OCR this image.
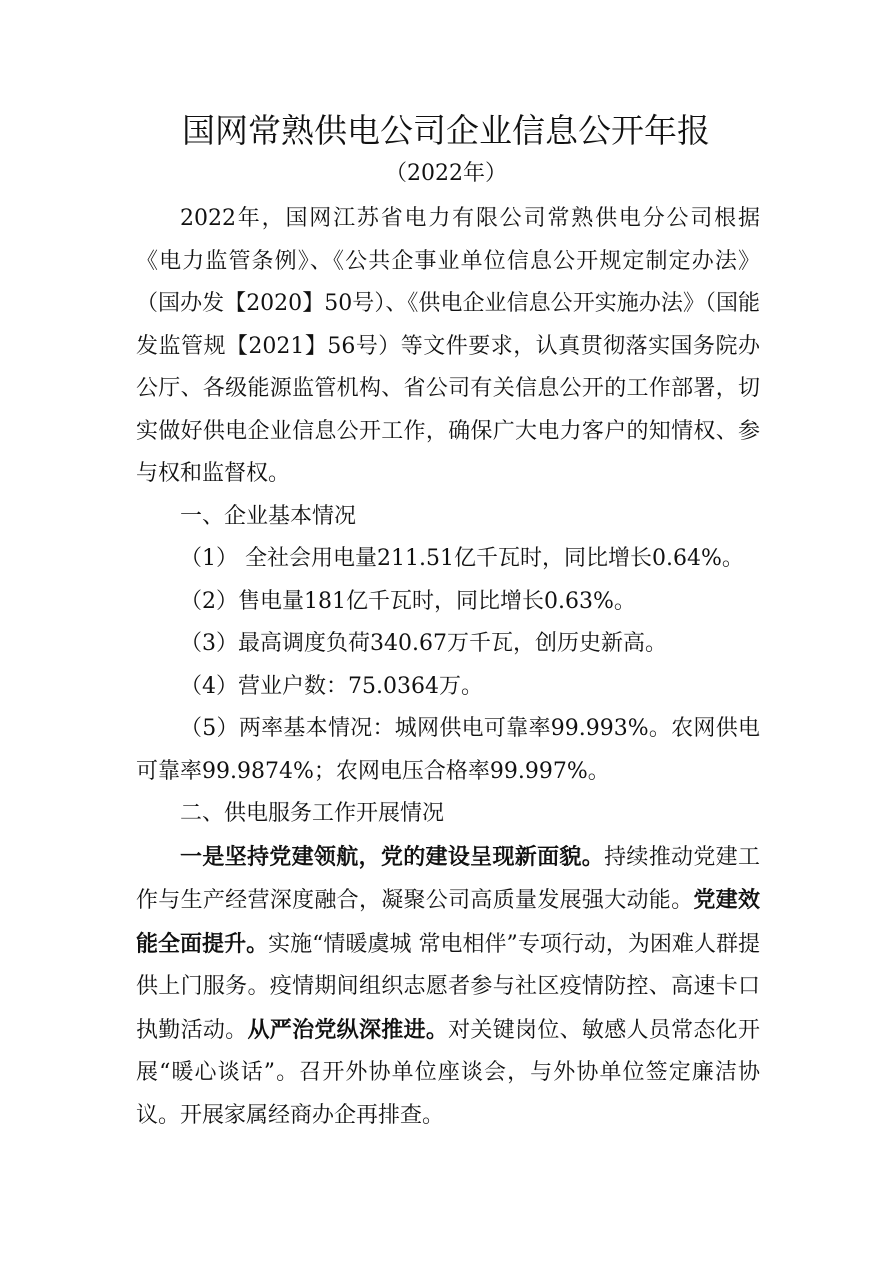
国网常熟供电公司企业信息公开年报
（2022年）

2022年，国网江苏省电力有限公司常熟供电分公司根据《电力监管条例》、《公共企事业单位信息公开规定制定办法》（国办发【2020】50号）、《供电企业信息公开实施办法》（国能发监管规【2021】56号）等文件要求，认真贯彻落实国务院办公厅、各级能源监管机构、省公司有关信息公开的工作部署，切实做好供电企业信息公开工作，确保广大电力客户的知情权、参与权和监督权。

一、企业基本情况

（1） 全社会用电量211.51亿千瓦时，同比增长0.64%。

（2）售电量181亿千瓦时，同比增长0.63%。

（3）最高调度负荷340.67万千瓦，创历史新高。

（4）营业户数：75.0364万。

（5）两率基本情况：城网供电可靠率99.993%。农网供电可靠率99.9874%；农网电压合格率99.997%。

二、供电服务工作开展情况

一是坚持党建领航，党的建设呈现新面貌。持续推动党建工作与生产经营深度融合，凝聚公司高质量发展强大动能。党建效能全面提升。实施“情暖虞城 常电相伴”专项行动，为困难人群提供上门服务。疫情期间组织志愿者参与社区疫情防控、高速卡口执勤活动。从严治党纵深推进。对关键岗位、敏感人员常态化开展“暖心谈话”。召开外协单位座谈会，与外协单位签定廉洁协议。开展家属经商办企再排查。
